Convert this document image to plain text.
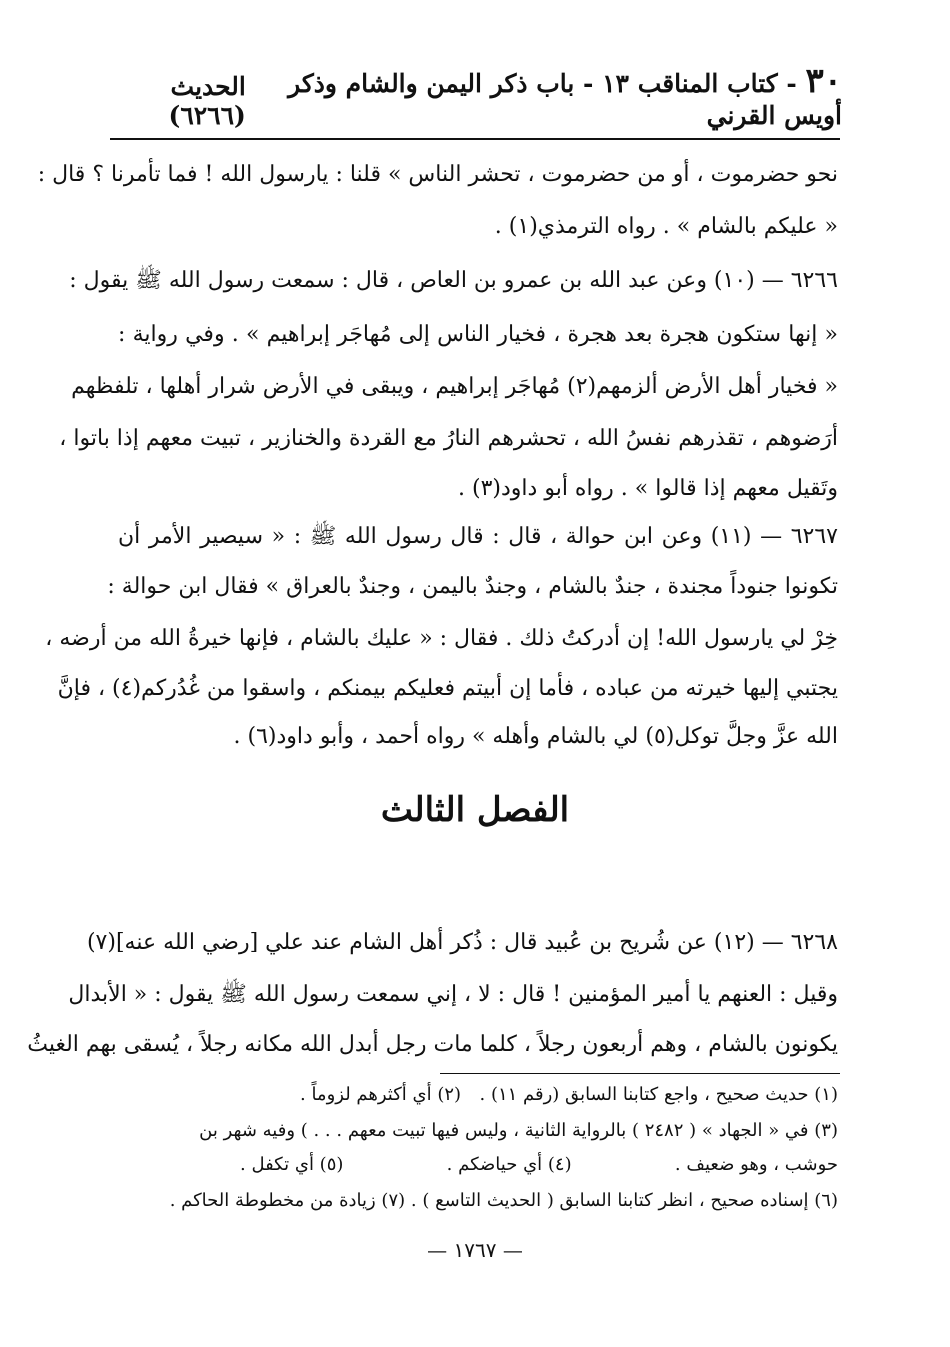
٣٠ - كتاب المناقب ١٣ - باب ذكر اليمن والشام وذكر أويس القرني
الحديث (٦٢٦٦)
نحو حضرموت ، أو من حضرموت ، تحشر الناس » قلنا : يارسول الله ! فما تأمرنا ؟ قال :
« عليكم بالشام » . رواه الترمذي(١) .
٦٢٦٦ — (١٠) وعن عبد الله بن عمرو بن العاص ، قال : سمعت رسول الله ﷺ يقول :
« إنها ستكون هجرة بعد هجرة ، فخيار الناس إلى مُهاجَر إبراهيم » . وفي رواية :
« فخيار أهل الأرض ألزمهم(٢) مُهاجَر إبراهيم ، ويبقى في الأرض شرار أهلها ، تلفظهم
أرَضوهم ، تقذرهم نفسُ الله ، تحشرهم النارُ مع القردة والخنازير ، تبيت معهم إذا باتوا ،
وتَقيل معهم إذا قالوا » . رواه أبو داود(٣) .
٦٢٦٧ — (١١) وعن ابن حوالة ، قال : قال رسول الله ﷺ : « سيصير الأمر أن
تكونوا جنوداً مجندة ، جندٌ بالشام ، وجندٌ باليمن ، وجندٌ بالعراق » فقال ابن حوالة :
خِرْ لي يارسول الله! إن أدركتُ ذلك . فقال : « عليك بالشام ، فإنها خيرةُ الله من أرضه ،
يجتبي إليها خيرته من عباده ، فأما إن أبيتم فعليكم بيمنكم ، واسقوا من غُدُركم(٤) ، فإنَّ
الله عزَّ وجلَّ توكل(٥) لي بالشام وأهله » رواه أحمد ، وأبو داود(٦) .
الفصل الثالث
٦٢٦٨ — (١٢) عن شُريح بن عُبيد قال : ذُكر أهل الشام عند علي [رضي الله عنه](٧)
وقيل : العنهم يا أمير المؤمنين ! قال : لا ، إني سمعت رسول الله ﷺ يقول : « الأبدال
يكونون بالشام ، وهم أربعون رجلاً ، كلما مات رجل أبدل الله مكانه رجلاً ، يُسقى بهم الغيثُ
(١) حديث صحيح ، واجع كتابنا السابق (رقم ١١) .
(٢) أي أكثرهم لزوماً .
(٣) في « الجهاد » ( ٢٤٨٢ ) بالرواية الثانية ، وليس فيها تبيت معهم . . . ) وفيه شهر بن
حوشب ، وهو ضعيف .
(٤) أي حياضكم .
(٥) أي تكفل .
(٦) إسناده صحيح ، انظر كتابنا السابق ( الحديث التاسع ) . (٧) زيادة من مخطوطة الحاكم .
— ١٧٦٧ —
